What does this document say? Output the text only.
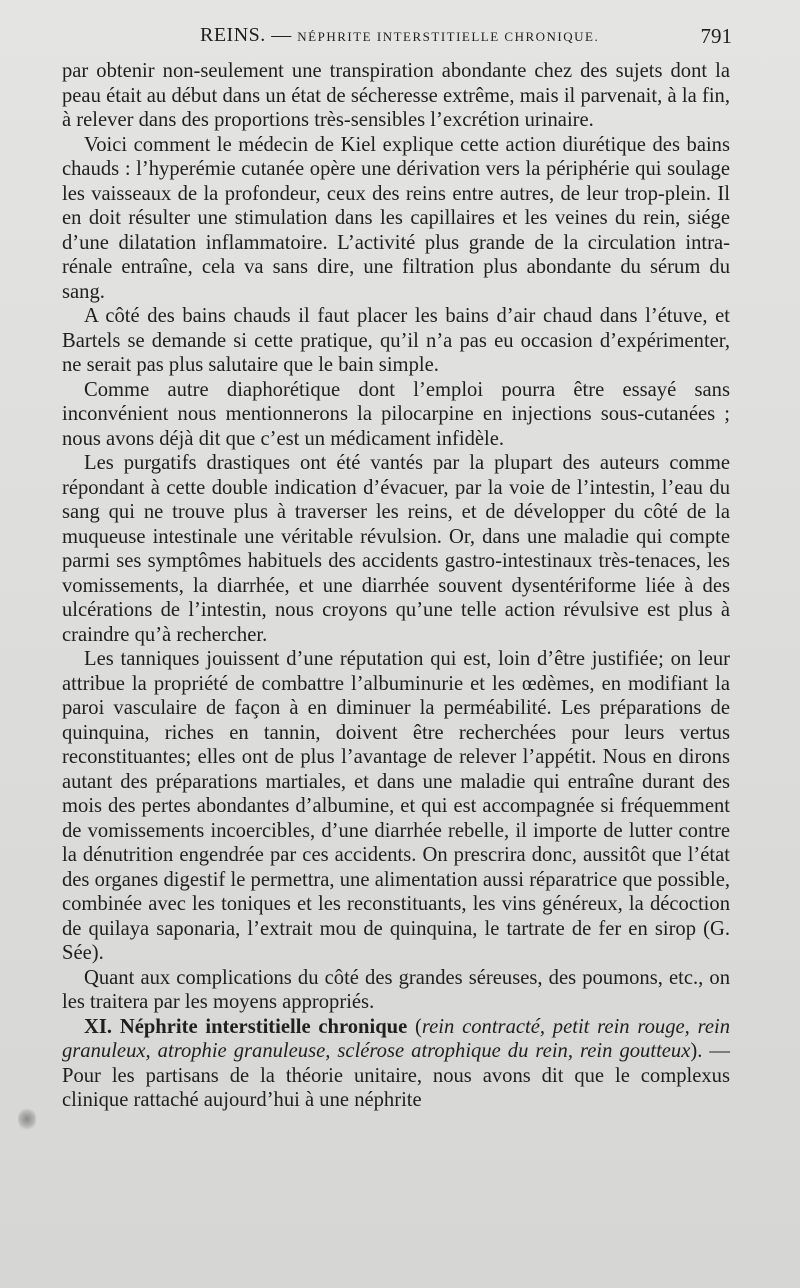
REINS. — NÉPHRITE INTERSTITIELLE CHRONIQUE.	791

par obtenir non-seulement une transpiration abondante chez des sujets dont la peau était au début dans un état de sécheresse extrême, mais il parvenait, à la fin, à relever dans des proportions très-sensibles l’excrétion urinaire.

Voici comment le médecin de Kiel explique cette action diurétique des bains chauds : l’hyperémie cutanée opère une dérivation vers la périphérie qui soulage les vaisseaux de la profondeur, ceux des reins entre autres, de leur trop-plein. Il en doit résulter une stimulation dans les capillaires et les veines du rein, siége d’une dilatation inflammatoire. L’activité plus grande de la circulation intra-rénale entraîne, cela va sans dire, une filtration plus abondante du sérum du sang.

A côté des bains chauds il faut placer les bains d’air chaud dans l’étuve, et Bartels se demande si cette pratique, qu’il n’a pas eu occasion d’expérimenter, ne serait pas plus salutaire que le bain simple.

Comme autre diaphorétique dont l’emploi pourra être essayé sans inconvénient nous mentionnerons la pilocarpine en injections sous-cutanées ; nous avons déjà dit que c’est un médicament infidèle.

Les purgatifs drastiques ont été vantés par la plupart des auteurs comme répondant à cette double indication d’évacuer, par la voie de l’intestin, l’eau du sang qui ne trouve plus à traverser les reins, et de développer du côté de la muqueuse intestinale une véritable révulsion. Or, dans une maladie qui compte parmi ses symptômes habituels des accidents gastro-intestinaux très-tenaces, les vomissements, la diarrhée, et une diarrhée souvent dysentériforme liée à des ulcérations de l’intestin, nous croyons qu’une telle action révulsive est plus à craindre qu’à rechercher.

Les tanniques jouissent d’une réputation qui est, loin d’être justifiée; on leur attribue la propriété de combattre l’albuminurie et les œdèmes, en modifiant la paroi vasculaire de façon à en diminuer la perméabilité. Les préparations de quinquina, riches en tannin, doivent être recherchées pour leurs vertus reconstituantes; elles ont de plus l’avantage de relever l’appétit. Nous en dirons autant des préparations martiales, et dans une maladie qui entraîne durant des mois des pertes abondantes d’albumine, et qui est accompagnée si fréquemment de vomissements incoercibles, d’une diarrhée rebelle, il importe de lutter contre la dénutrition engendrée par ces accidents. On prescrira donc, aussitôt que l’état des organes digestif le permettra, une alimentation aussi réparatrice que possible, combinée avec les toniques et les reconstituants, les vins généreux, la décoction de quilaya saponaria, l’extrait mou de quinquina, le tartrate de fer en sirop (G. Sée).

Quant aux complications du côté des grandes séreuses, des poumons, etc., on les traitera par les moyens appropriés.

XI. Néphrite interstitielle chronique (rein contracté, petit rein rouge, rein granuleux, atrophie granuleuse, sclérose atrophique du rein, rein goutteux). — Pour les partisans de la théorie unitaire, nous avons dit que le complexus clinique rattaché aujourd’hui à une néphrite
